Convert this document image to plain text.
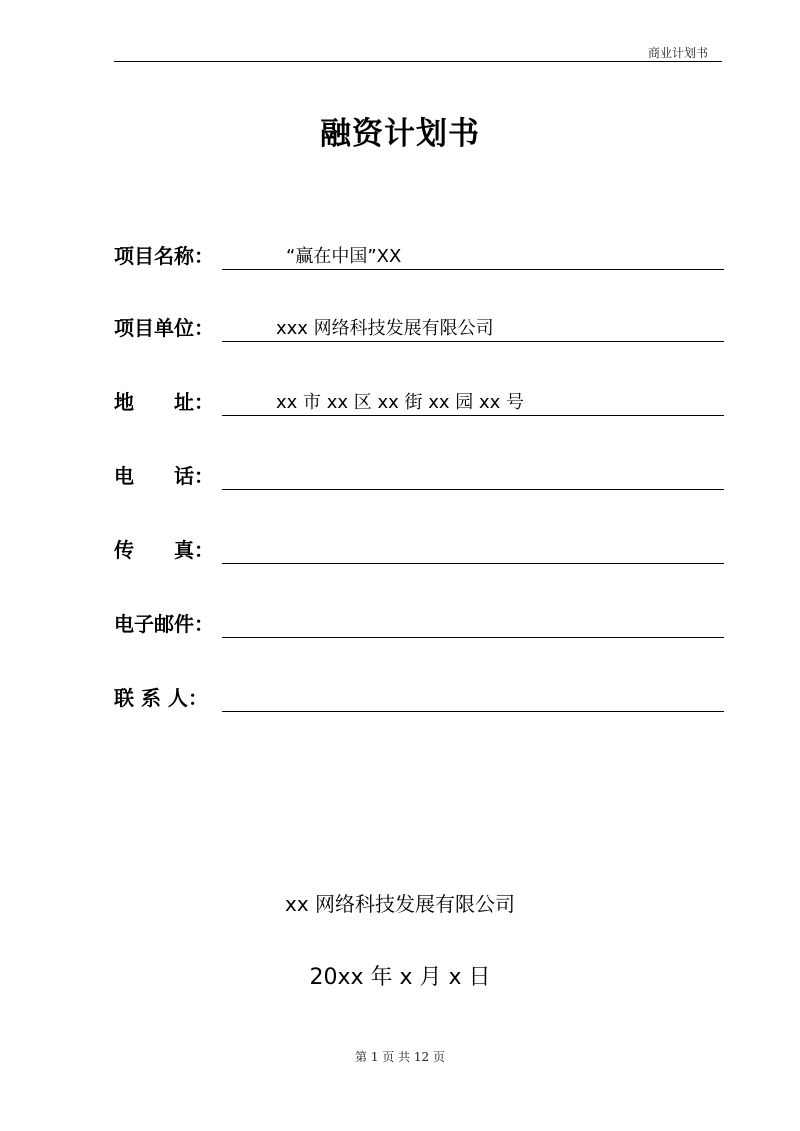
商业计划书
融资计划书
项目名称：	“赢在中国”XX
项目单位：	xxx 网络科技发展有限公司
地　　址：	xx 市 xx 区 xx 街 xx 园 xx 号
电　　话：
传　　真：
电子邮件：
联 系 人：
xx 网络科技发展有限公司
20xx 年 x 月 x 日
第 1 页 共 12 页
